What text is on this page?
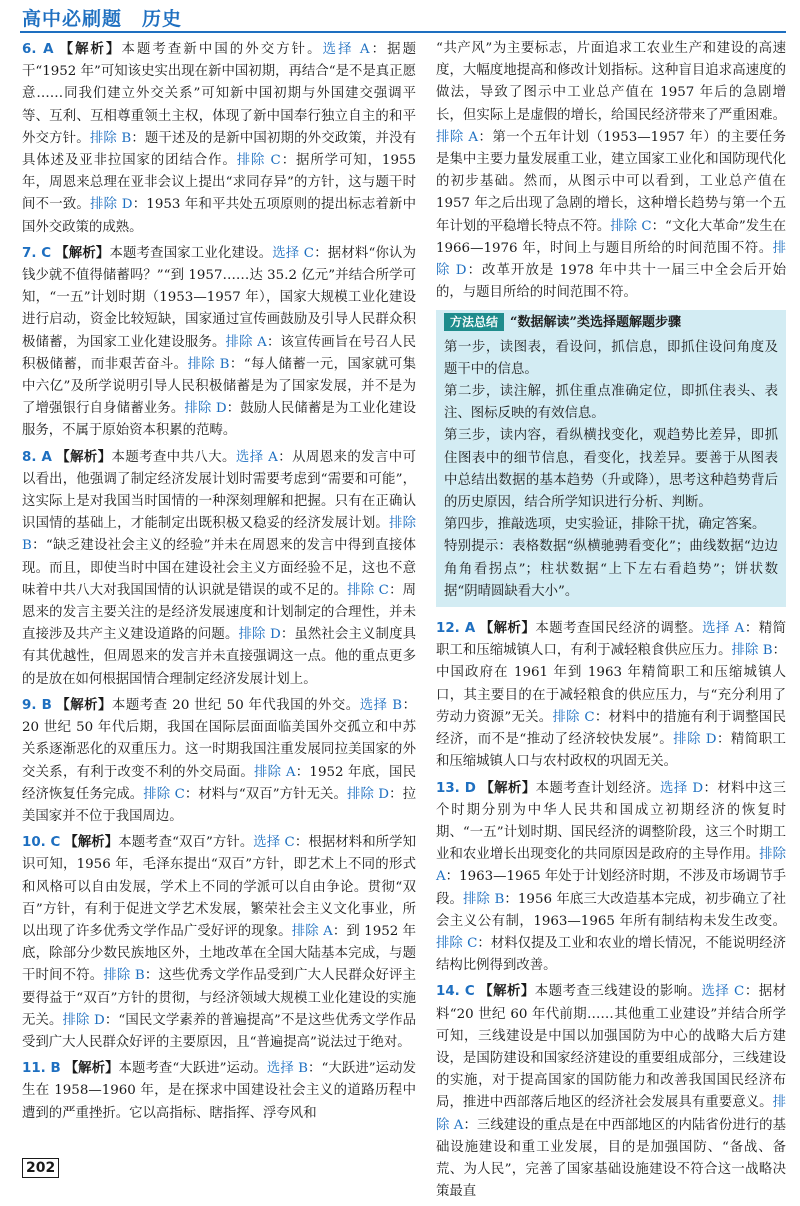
高中必刷题　历史
6. A 【解析】本题考查新中国的外交方针。选择 A：据题干“1952 年”可知该史实出现在新中国初期，再结合“是不是真正愿意……同我们建立外交关系”可知新中国初期与外国建交强调平等、互利、互相尊重领土主权，体现了新中国奉行独立自主的和平外交方针。排除 B：题干述及的是新中国初期的外交政策，并没有具体述及亚非拉国家的团结合作。排除 C：据所学可知，1955 年，周恩来总理在亚非会议上提出“求同存异”的方针，这与题干时间不一致。排除 D：1953 年和平共处五项原则的提出标志着新中国外交政策的成熟。
7. C 【解析】本题考查国家工业化建设。选择 C：据材料“你认为钱少就不值得储蓄吗？”“到 1957……达 35.2 亿元”并结合所学可知，“一五”计划时期（1953—1957 年），国家大规模工业化建设进行启动，资金比较短缺，国家通过宣传画鼓励及引导人民群众积极储蓄，为国家工业化建设服务。排除 A：该宣传画旨在号召人民积极储蓄，而非艰苦奋斗。排除 B：“每人储蓄一元，国家就可集中六亿”及所学说明引导人民积极储蓄是为了国家发展，并不是为了增强银行自身储蓄业务。排除 D：鼓励人民储蓄是为工业化建设服务，不属于原始资本积累的范畴。
8. A 【解析】本题考查中共八大。选择 A：从周恩来的发言中可以看出，他强调了制定经济发展计划时需要考虑到“需要和可能”，这实际上是对我国当时国情的一种深刻理解和把握。只有在正确认识国情的基础上，才能制定出既积极又稳妥的经济发展计划。排除 B：“缺乏建设社会主义的经验”并未在周恩来的发言中得到直接体现。而且，即使当时中国在建设社会主义方面经验不足，这也不意味着中共八大对我国国情的认识就是错误的或不足的。排除 C：周恩来的发言主要关注的是经济发展速度和计划制定的合理性，并未直接涉及共产主义建设道路的问题。排除 D：虽然社会主义制度具有其优越性，但周恩来的发言并未直接强调这一点。他的重点更多的是放在如何根据国情合理制定经济发展计划上。
9. B 【解析】本题考查 20 世纪 50 年代我国的外交。选择 B：20 世纪 50 年代后期，我国在国际层面面临美国外交孤立和中苏关系逐渐恶化的双重压力。这一时期我国注重发展同拉美国家的外交关系，有利于改变不利的外交局面。排除 A：1952 年底，国民经济恢复任务完成。排除 C：材料与“双百”方针无关。排除 D：拉美国家并不位于我国周边。
10. C 【解析】本题考查“双百”方针。选择 C：根据材料和所学知识可知，1956 年，毛泽东提出“双百”方针，即艺术上不同的形式和风格可以自由发展，学术上不同的学派可以自由争论。贯彻“双百”方针，有利于促进文学艺术发展，繁荣社会主义文化事业，所以出现了许多优秀文学作品广受好评的现象。排除 A：到 1952 年底，除部分少数民族地区外，土地改革在全国大陆基本完成，与题干时间不符。排除 B：这些优秀文学作品受到广大人民群众好评主要得益于“双百”方针的贯彻，与经济领域大规模工业化建设的实施无关。排除 D：“国民文学素养的普遍提高”不是这些优秀文学作品受到广大人民群众好评的主要原因，且“普遍提高”说法过于绝对。
11. B 【解析】本题考查“大跃进”运动。选择 B：“大跃进”运动发生在 1958—1960 年，是在探求中国建设社会主义的道路历程中遭到的严重挫折。它以高指标、瞎指挥、浮夸风和
“共产风”为主要标志，片面追求工农业生产和建设的高速度，大幅度地提高和修改计划指标。这种盲目追求高速度的做法，导致了图示中工业总产值在 1957 年后的急剧增长，但实际上是虚假的增长，给国民经济带来了严重困难。排除 A：第一个五年计划（1953—1957 年）的主要任务是集中主要力量发展重工业，建立国家工业化和国防现代化的初步基础。然而，从图示中可以看到，工业总产值在 1957 年之后出现了急剧的增长，这种增长趋势与第一个五年计划的平稳增长特点不符。排除 C：“文化大革命”发生在 1966—1976 年，时间上与题目所给的时间范围不符。排除 D：改革开放是 1978 年中共十一届三中全会后开始的，与题目所给的时间范围不符。
方法总结 “数据解读”类选择题解题步骤

第一步，读图表，看设问，抓信息，即抓住设问角度及题干中的信息。

第二步，读注解，抓住重点准确定位，即抓住表头、表注、图标反映的有效信息。

第三步，读内容，看纵横找变化，观趋势比差异，即抓住图表中的细节信息，看变化，找差异。要善于从图表中总结出数据的基本趋势（升或降），思考这种趋势背后的历史原因，结合所学知识进行分析、判断。

第四步，推敲选项，史实验证，排除干扰，确定答案。

特别提示：表格数据“纵横驰骋看变化”；曲线数据“边边角角看拐点”；柱状数据“上下左右看趋势”；饼状数据“阴晴圆缺看大小”。

12. A 【解析】本题考查国民经济的调整。选择 A：精简职工和压缩城镇人口，有利于减轻粮食供应压力。排除 B：中国政府在 1961 年到 1963 年精简职工和压缩城镇人口，其主要目的在于减轻粮食的供应压力，与“充分利用了劳动力资源”无关。排除 C：材料中的措施有利于调整国民经济，而不是“推动了经济较快发展”。排除 D：精简职工和压缩城镇人口与农村政权的巩固无关。
13. D 【解析】本题考查计划经济。选择 D：材料中这三个时期分别为中华人民共和国成立初期经济的恢复时期、“一五”计划时期、国民经济的调整阶段，这三个时期工业和农业增长出现变化的共同原因是政府的主导作用。排除 A：1963—1965 年处于计划经济时期，不涉及市场调节手段。排除 B：1956 年底三大改造基本完成，初步确立了社会主义公有制，1963—1965 年所有制结构未发生改变。排除 C：材料仅提及工业和农业的增长情况，不能说明经济结构比例得到改善。
14. C 【解析】本题考查三线建设的影响。选择 C：据材料“20 世纪 60 年代前期……其他重工业建设”并结合所学可知，三线建设是中国以加强国防为中心的战略大后方建设，是国防建设和国家经济建设的重要组成部分，三线建设的实施，对于提高国家的国防能力和改善我国国民经济布局，推进中西部落后地区的经济社会发展具有重要意义。排除 A：三线建设的重点是在中西部地区的内陆省份进行的基础设施建设和重工业发展，目的是加强国防、“备战、备荒、为人民”，完善了国家基础设施建设不符合这一战略决策最直
202
